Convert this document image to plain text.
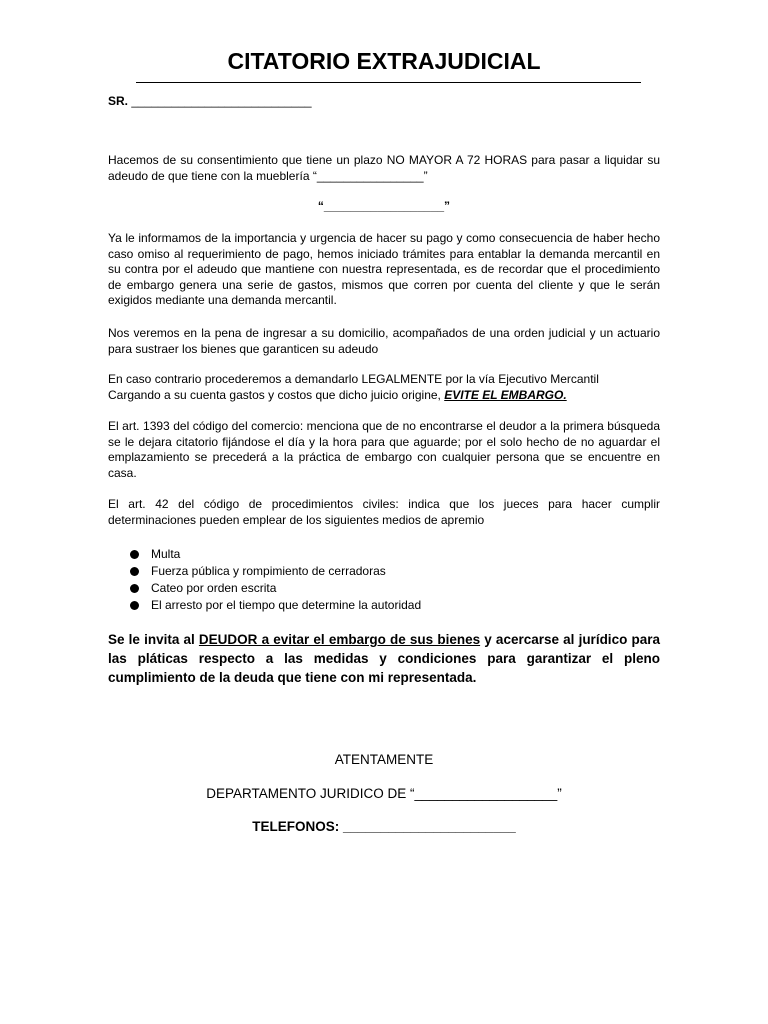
CITATORIO EXTRAJUDICIAL
SR. ___________________________
Hacemos de su consentimiento que tiene un plazo NO MAYOR A 72 HORAS para pasar a liquidar su adeudo de que tiene con la mueblería “________________”
“__________________”
Ya le informamos de la importancia y urgencia de hacer su pago y como consecuencia de haber hecho caso omiso al requerimiento de pago, hemos iniciado trámites para entablar la demanda mercantil en su contra por el adeudo que mantiene con nuestra representada, es de recordar que el procedimiento de embargo genera una serie de gastos, mismos que corren por cuenta del cliente y que le serán exigidos mediante una demanda mercantil.
Nos veremos en la pena de ingresar a su domicilio, acompañados de una orden judicial y un actuario para sustraer los bienes que garanticen su adeudo
En caso contrario procederemos a demandarlo LEGALMENTE por la vía Ejecutivo Mercantil
Cargando a su cuenta gastos y costos que dicho juicio origine, EVITE EL EMBARGO.
El art. 1393 del código del comercio: menciona que de no encontrarse el deudor a la primera búsqueda se le dejara citatorio fijándose el día y la hora para que aguarde; por el solo hecho de no aguardar el emplazamiento se precederá a la práctica de embargo con cualquier persona que se encuentre en casa.
El art. 42 del código de procedimientos civiles: indica que los jueces para hacer cumplir determinaciones pueden emplear de los siguientes medios de apremio
Multa
Fuerza pública y rompimiento de cerradoras
Cateo por orden escrita
El arresto por el tiempo que determine la autoridad
Se le invita al DEUDOR a evitar el embargo de sus bienes y acercarse al jurídico para las pláticas respecto a las medidas y condiciones para garantizar el pleno cumplimiento de la deuda que tiene con mi representada.
ATENTAMENTE
DEPARTAMENTO JURIDICO DE “___________________”
TELEFONOS: _______________________
